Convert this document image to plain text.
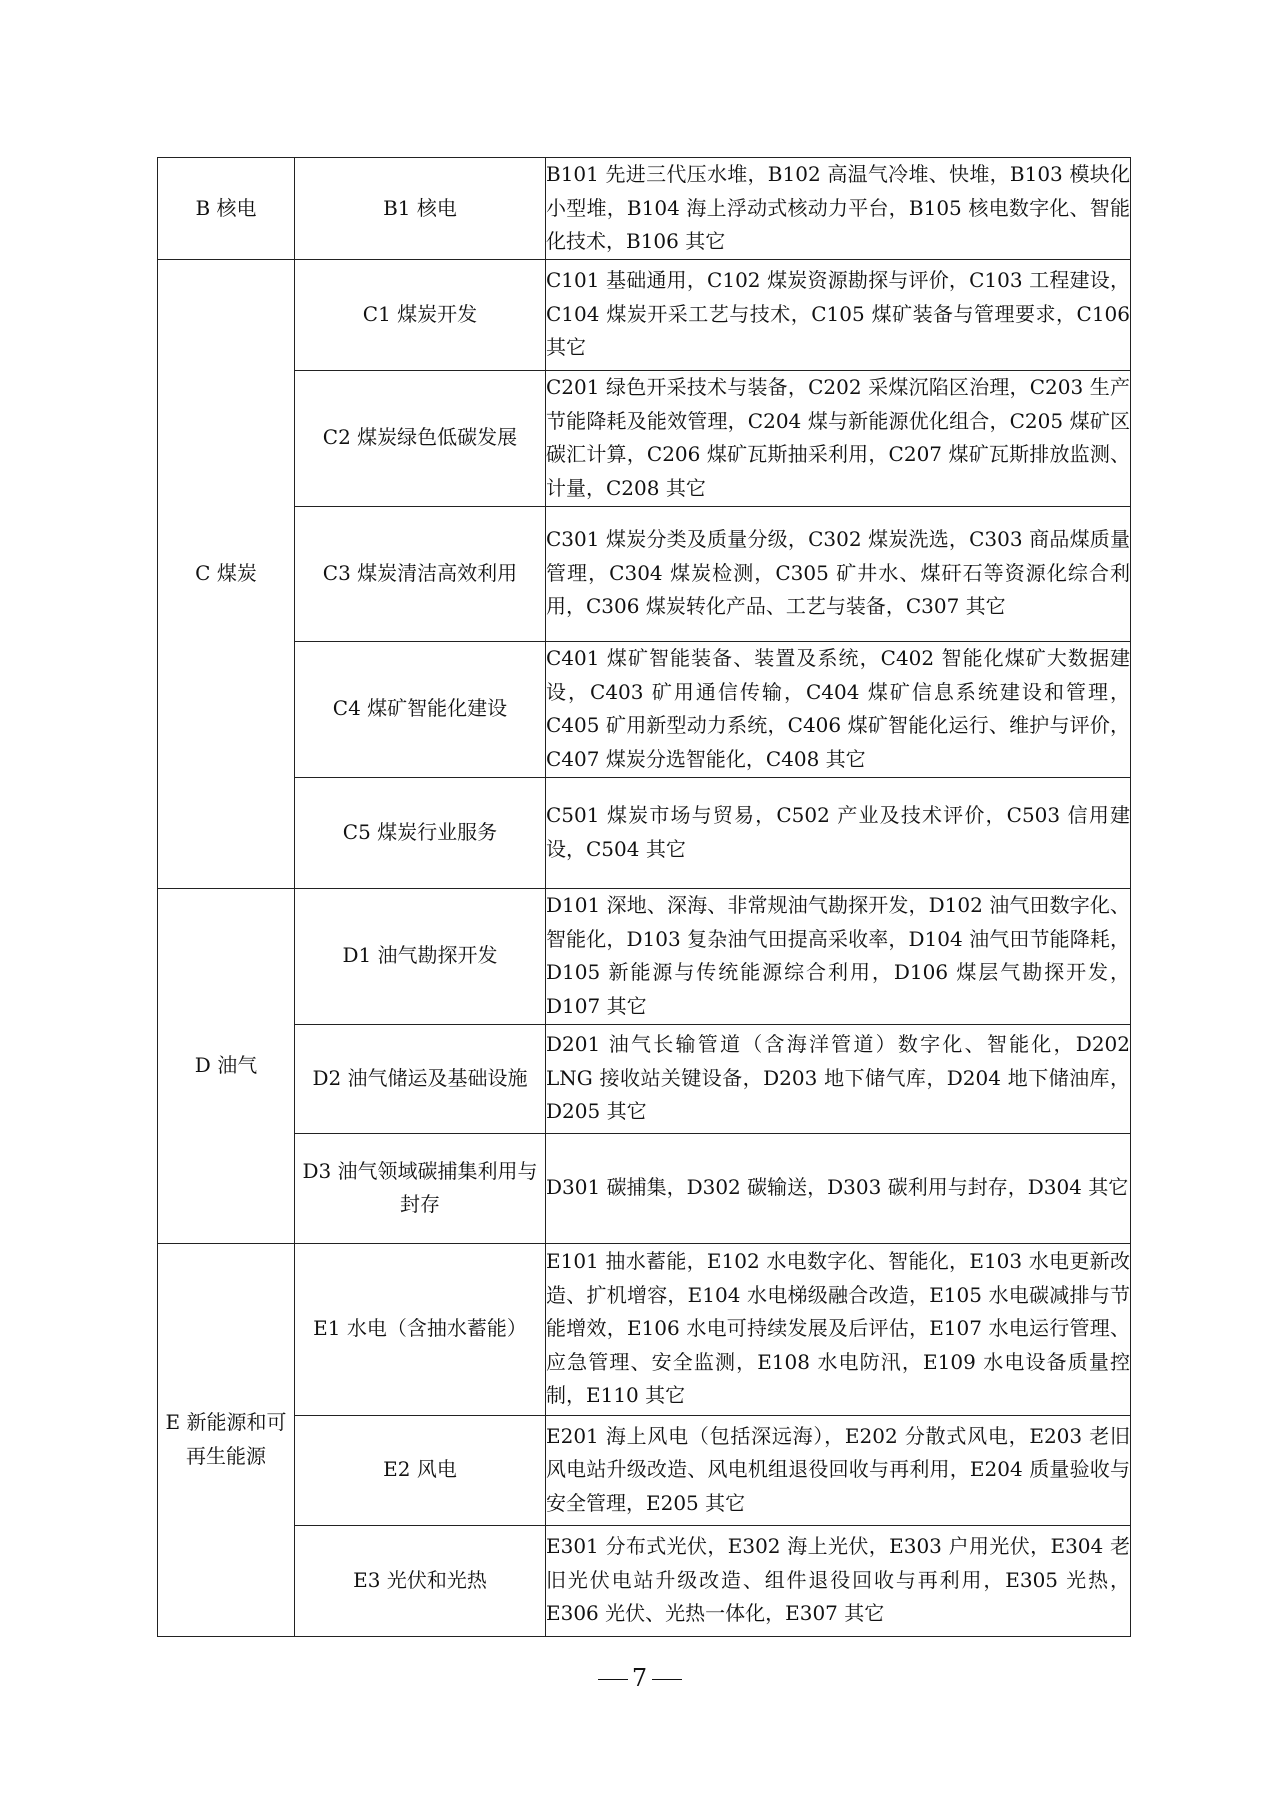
B 核电	B1 核电	B101 先进三代压水堆，B102 高温气冷堆、快堆，B103 模块化小型堆，B104 海上浮动式核动力平台，B105 核电数字化、智能化技术，B106 其它
C 煤炭	C1 煤炭开发	C101 基础通用，C102 煤炭资源勘探与评价，C103 工程建设，C104 煤炭开采工艺与技术，C105 煤矿装备与管理要求，C106 其它
	C2 煤炭绿色低碳发展	C201 绿色开采技术与装备，C202 采煤沉陷区治理，C203 生产节能降耗及能效管理，C204 煤与新能源优化组合，C205 煤矿区碳汇计算，C206 煤矿瓦斯抽采利用，C207 煤矿瓦斯排放监测、计量，C208 其它
	C3 煤炭清洁高效利用	C301 煤炭分类及质量分级，C302 煤炭洗选，C303 商品煤质量管理，C304 煤炭检测，C305 矿井水、煤矸石等资源化综合利用，C306 煤炭转化产品、工艺与装备，C307 其它
	C4 煤矿智能化建设	C401 煤矿智能装备、装置及系统，C402 智能化煤矿大数据建设，C403 矿用通信传输，C404 煤矿信息系统建设和管理，C405 矿用新型动力系统，C406 煤矿智能化运行、维护与评价，C407 煤炭分选智能化，C408 其它
	C5 煤炭行业服务	C501 煤炭市场与贸易，C502 产业及技术评价，C503 信用建设，C504 其它
D 油气	D1 油气勘探开发	D101 深地、深海、非常规油气勘探开发，D102 油气田数字化、智能化，D103 复杂油气田提高采收率，D104 油气田节能降耗，D105 新能源与传统能源综合利用，D106 煤层气勘探开发，D107 其它
	D2 油气储运及基础设施	D201 油气长输管道（含海洋管道）数字化、智能化，D202 LNG 接收站关键设备，D203 地下储气库，D204 地下储油库，D205 其它
	D3 油气领域碳捕集利用与封存	D301 碳捕集，D302 碳输送，D303 碳利用与封存，D304 其它
E 新能源和可再生能源	E1 水电（含抽水蓄能）	E101 抽水蓄能，E102 水电数字化、智能化，E103 水电更新改造、扩机增容，E104 水电梯级融合改造，E105 水电碳减排与节能增效，E106 水电可持续发展及后评估，E107 水电运行管理、应急管理、安全监测，E108 水电防汛，E109 水电设备质量控制，E110 其它
	E2 风电	E201 海上风电（包括深远海），E202 分散式风电，E203 老旧风电站升级改造、风电机组退役回收与再利用，E204 质量验收与安全管理，E205 其它
	E3 光伏和光热	E301 分布式光伏，E302 海上光伏，E303 户用光伏，E304 老旧光伏电站升级改造、组件退役回收与再利用，E305 光热，E306 光伏、光热一体化，E307 其它
7
